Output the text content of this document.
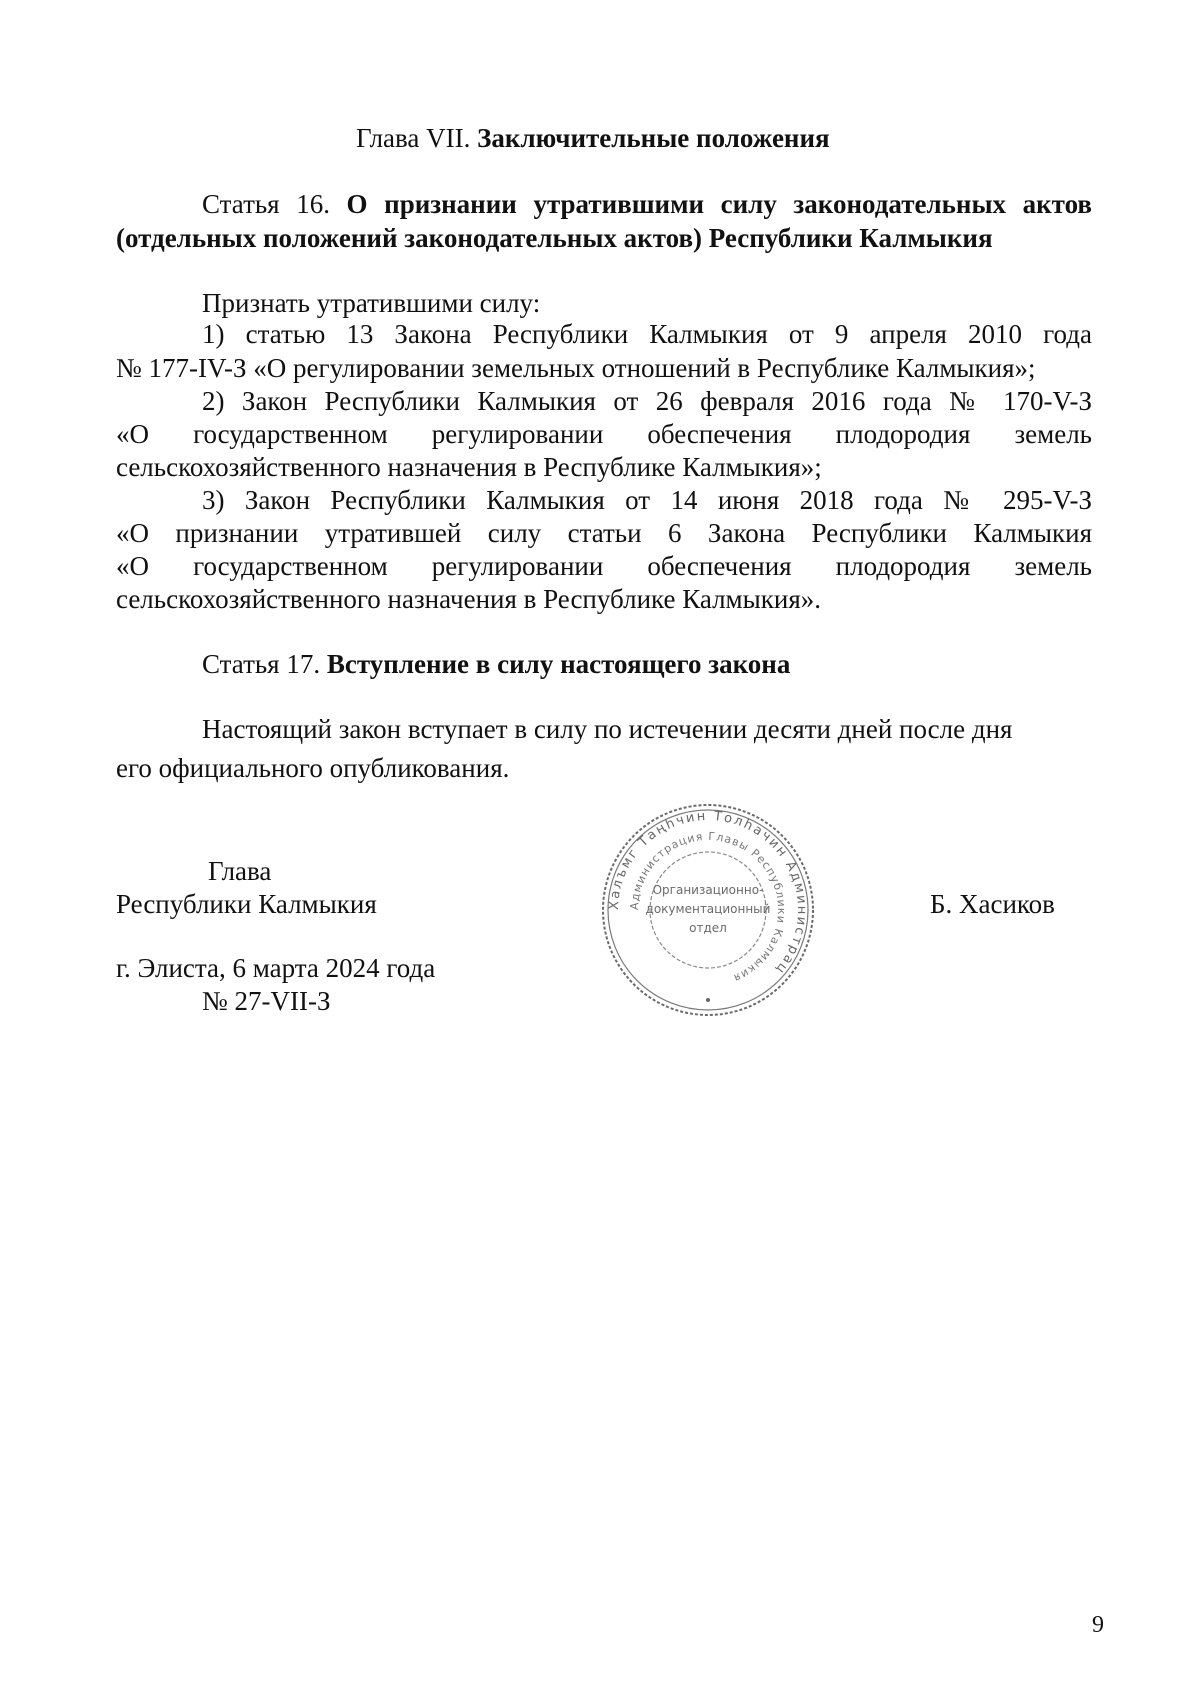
Глава VII. Заключительные положения
Статья 16. О признании утратившими силу законодательных актов
(отдельных положений законодательных актов) Республики Калмыкия
Признать утратившими силу:
1) статью 13 Закона Республики Калмыкия от 9 апреля 2010 года
№ 177-IV-З «О регулировании земельных отношений в Республике Калмыкия»;
2) Закон Республики Калмыкия от 26 февраля 2016 года № 170-V-З
«О государственном регулировании обеспечения плодородия земель
сельскохозяйственного назначения в Республике Калмыкия»;
3) Закон Республики Калмыкия от 14 июня 2018 года № 295-V-З
«О признании утратившей силу статьи 6 Закона Республики Калмыкия
«О государственном регулировании обеспечения плодородия земель
сельскохозяйственного назначения в Республике Калмыкия».
Статья 17. Вступление в силу настоящего закона
Настоящий закон вступает в силу по истечении десяти дней после дня
его официального опубликования.
Глава
Республики Калмыкия	Б. Хасиков
г. Элиста, 6 марта 2024 года
№ 27-VII-З
Халъмг Таңһчин Толһачин Администрац
Администрация Главы Республики Калмыкия
Организационно-
документационный
отдел
9
